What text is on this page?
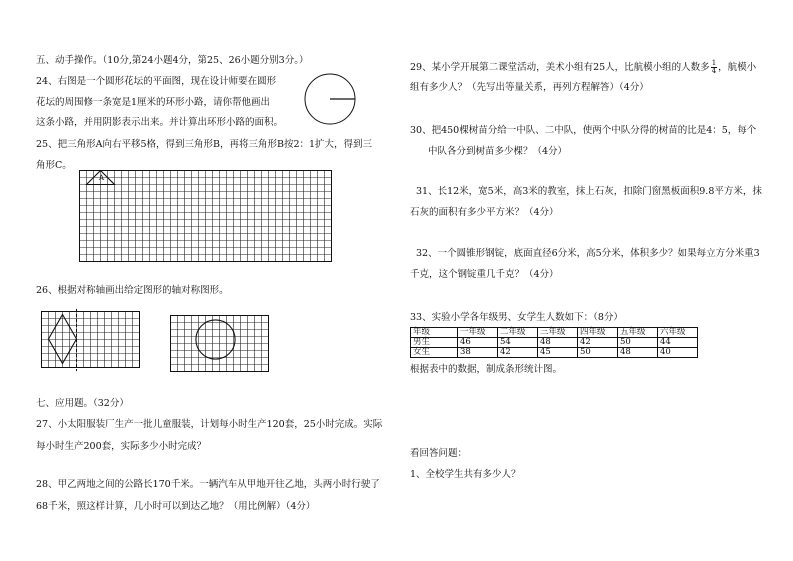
五、动手操作。（10分,第24小题4分，第25、26小题分别3分。）
24、右图是一个圆形花坛的平面图，现在设计师要在圆形
花坛的周围修一条宽是1厘米的环形小路，请你帮他画出
这条小路，并用阴影表示出来。并计算出环形小路的面积。
25、把三角形A向右平移5格，得到三角形B，再将三角形B按2：1扩大，得到三
角形C。
A
26、根据对称轴画出给定图形的轴对称图形。
七、应用题。（32分）
27、小太阳服装厂生产一批儿童服装，计划每小时生产120套，25小时完成。实际
每小时生产200套，实际多少小时完成？
28、甲乙两地之间的公路长170千米。一辆汽车从甲地开往乙地，头两小时行驶了
68千米，照这样计算，几小时可以到达乙地？（用比例解）（4分）
29、某小学开展第二课堂活动，美术小组有25人，比航模小组的人数多 $\frac{1}{4}$ ，航模小
组有多少人？（先写出等量关系，再列方程解答）（4分）
30、把450棵树苗分给一中队、二中队，使两个中队分得的树苗的比是4：5，每个
中队各分到树苗多少棵？（4分）
31、长12米，宽5米，高3米的教室，抹上石灰，扣除门窗黑板面积9.8平方米，抹
石灰的面积有多少平方米？（4分）
32、一个圆锥形钢锭，底面直径6分米，高5分米，体积多少？如果每立方分米重3
千克，这个钢锭重几千克？（4分）
33、实验小学各年级男、女学生人数如下：（8分）
年级	一年级	二年级	三年级	四年级	五年级	六年级
男生	46	54	48	42	50	44
女生	38	42	45	50	48	40
根据表中的数据，制成条形统计图。
看回答问题：
1、全校学生共有多少人？
